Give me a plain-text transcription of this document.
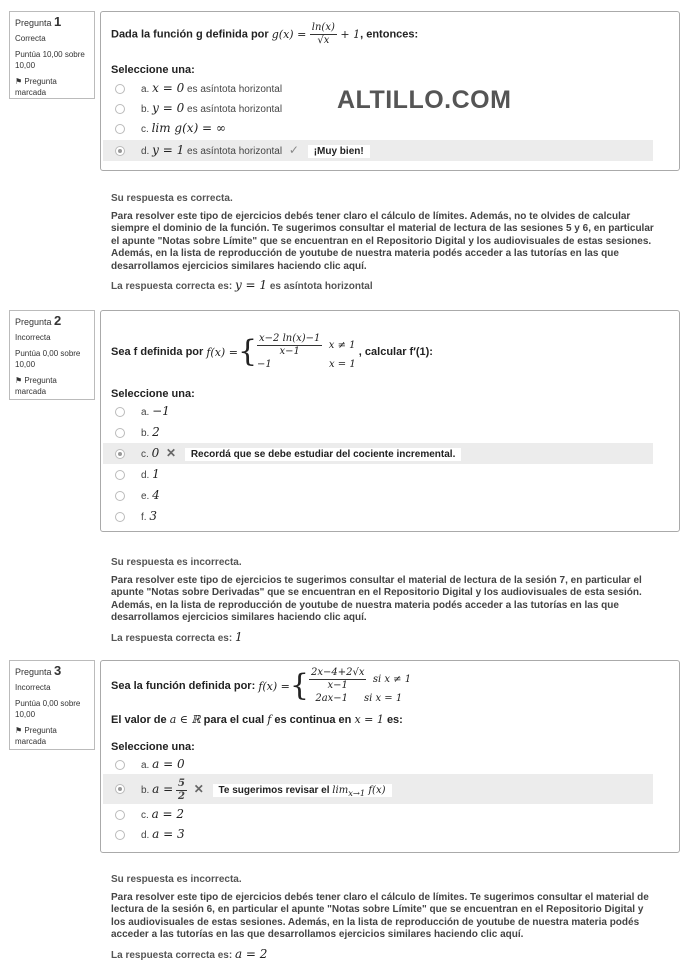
Pregunta 1
Correcta
Puntúa 10,00 sobre 10,00
⚑ Pregunta marcada
Dada la función g definida por $g(x) = \frac{\ln(x)}{√x} + 1$, entonces:
Seleccione una:
a. x = 0 es asíntota horizontal
b. y = 0 es asíntota horizontal
c. lim g(x) = ∞
d. y = 1 es asíntota horizontal ✓ ¡Muy bien!
ALTILLO.COM
Su respuesta es correcta.
Para resolver este tipo de ejercicios debés tener claro el cálculo de límites. Además, no te olvides de calcular siempre el dominio de la función. Te sugerimos consultar el material de lectura de las sesiones 5 y 6, en particular el apunte "Notas sobre Límite" que se encuentran en el Repositorio Digital y los audiovisuales de estas sesiones. Además, en la lista de reproducción de youtube de nuestra materia podés acceder a las tutorías en las que desarrollamos ejercicios similares haciendo clic aquí.
La respuesta correcta es: y = 1 es asíntota horizontal
Pregunta 2
Incorrecta
Puntúa 0,00 sobre 10,00
⚑ Pregunta marcada
Sea f definida por f(x) ={ $\frac{x-2 \ln(x)-1}{x-1}$ x ≠ 1
−1                  x = 1
, calcular f′(1):
Seleccione una:
a. −1
b. 2
c. 0 ✕ Recordá que se debe estudiar del cociente incremental.
d. 1
e. 4
f. 3
Su respuesta es incorrecta.
Para resolver este tipo de ejercicios te sugerimos consultar el material de lectura de la sesión 7, en particular el apunte "Notas sobre Derivadas" que se encuentran en el Repositorio Digital y los audiovisuales de esta sesión. Además, en la lista de reproducción de youtube de nuestra materia podés acceder a las tutorías en las que desarrollamos ejercicios similares haciendo clic aquí.
La respuesta correcta es: 1
Pregunta 3
Incorrecta
Puntúa 0,00 sobre 10,00
⚑ Pregunta marcada
Sea la función definida por: f(x) ={ $\frac{2x-4+2√x}{x-1}$ si x ≠ 1
2ax−1     si x = 1
El valor de a ∈ ℝ para el cual f es continua en x = 1 es:
Seleccione una:
a. a = 0
b. $a = \frac{5}{2}$ ✕ Te sugerimos revisar el $\lim_{x\to 1} f(x)$
c. a = 2
d. a = 3
Su respuesta es incorrecta.
Para resolver este tipo de ejercicios debés tener claro el cálculo de límites. Te sugerimos consultar el material de lectura de la sesión 6, en particular el apunte "Notas sobre Límite" que se encuentran en el Repositorio Digital y los audiovisuales de estas sesiones. Además, en la lista de reproducción de youtube de nuestra materia podés acceder a las tutorías en las que desarrollamos ejercicios similares haciendo clic aquí.
La respuesta correcta es: a = 2
